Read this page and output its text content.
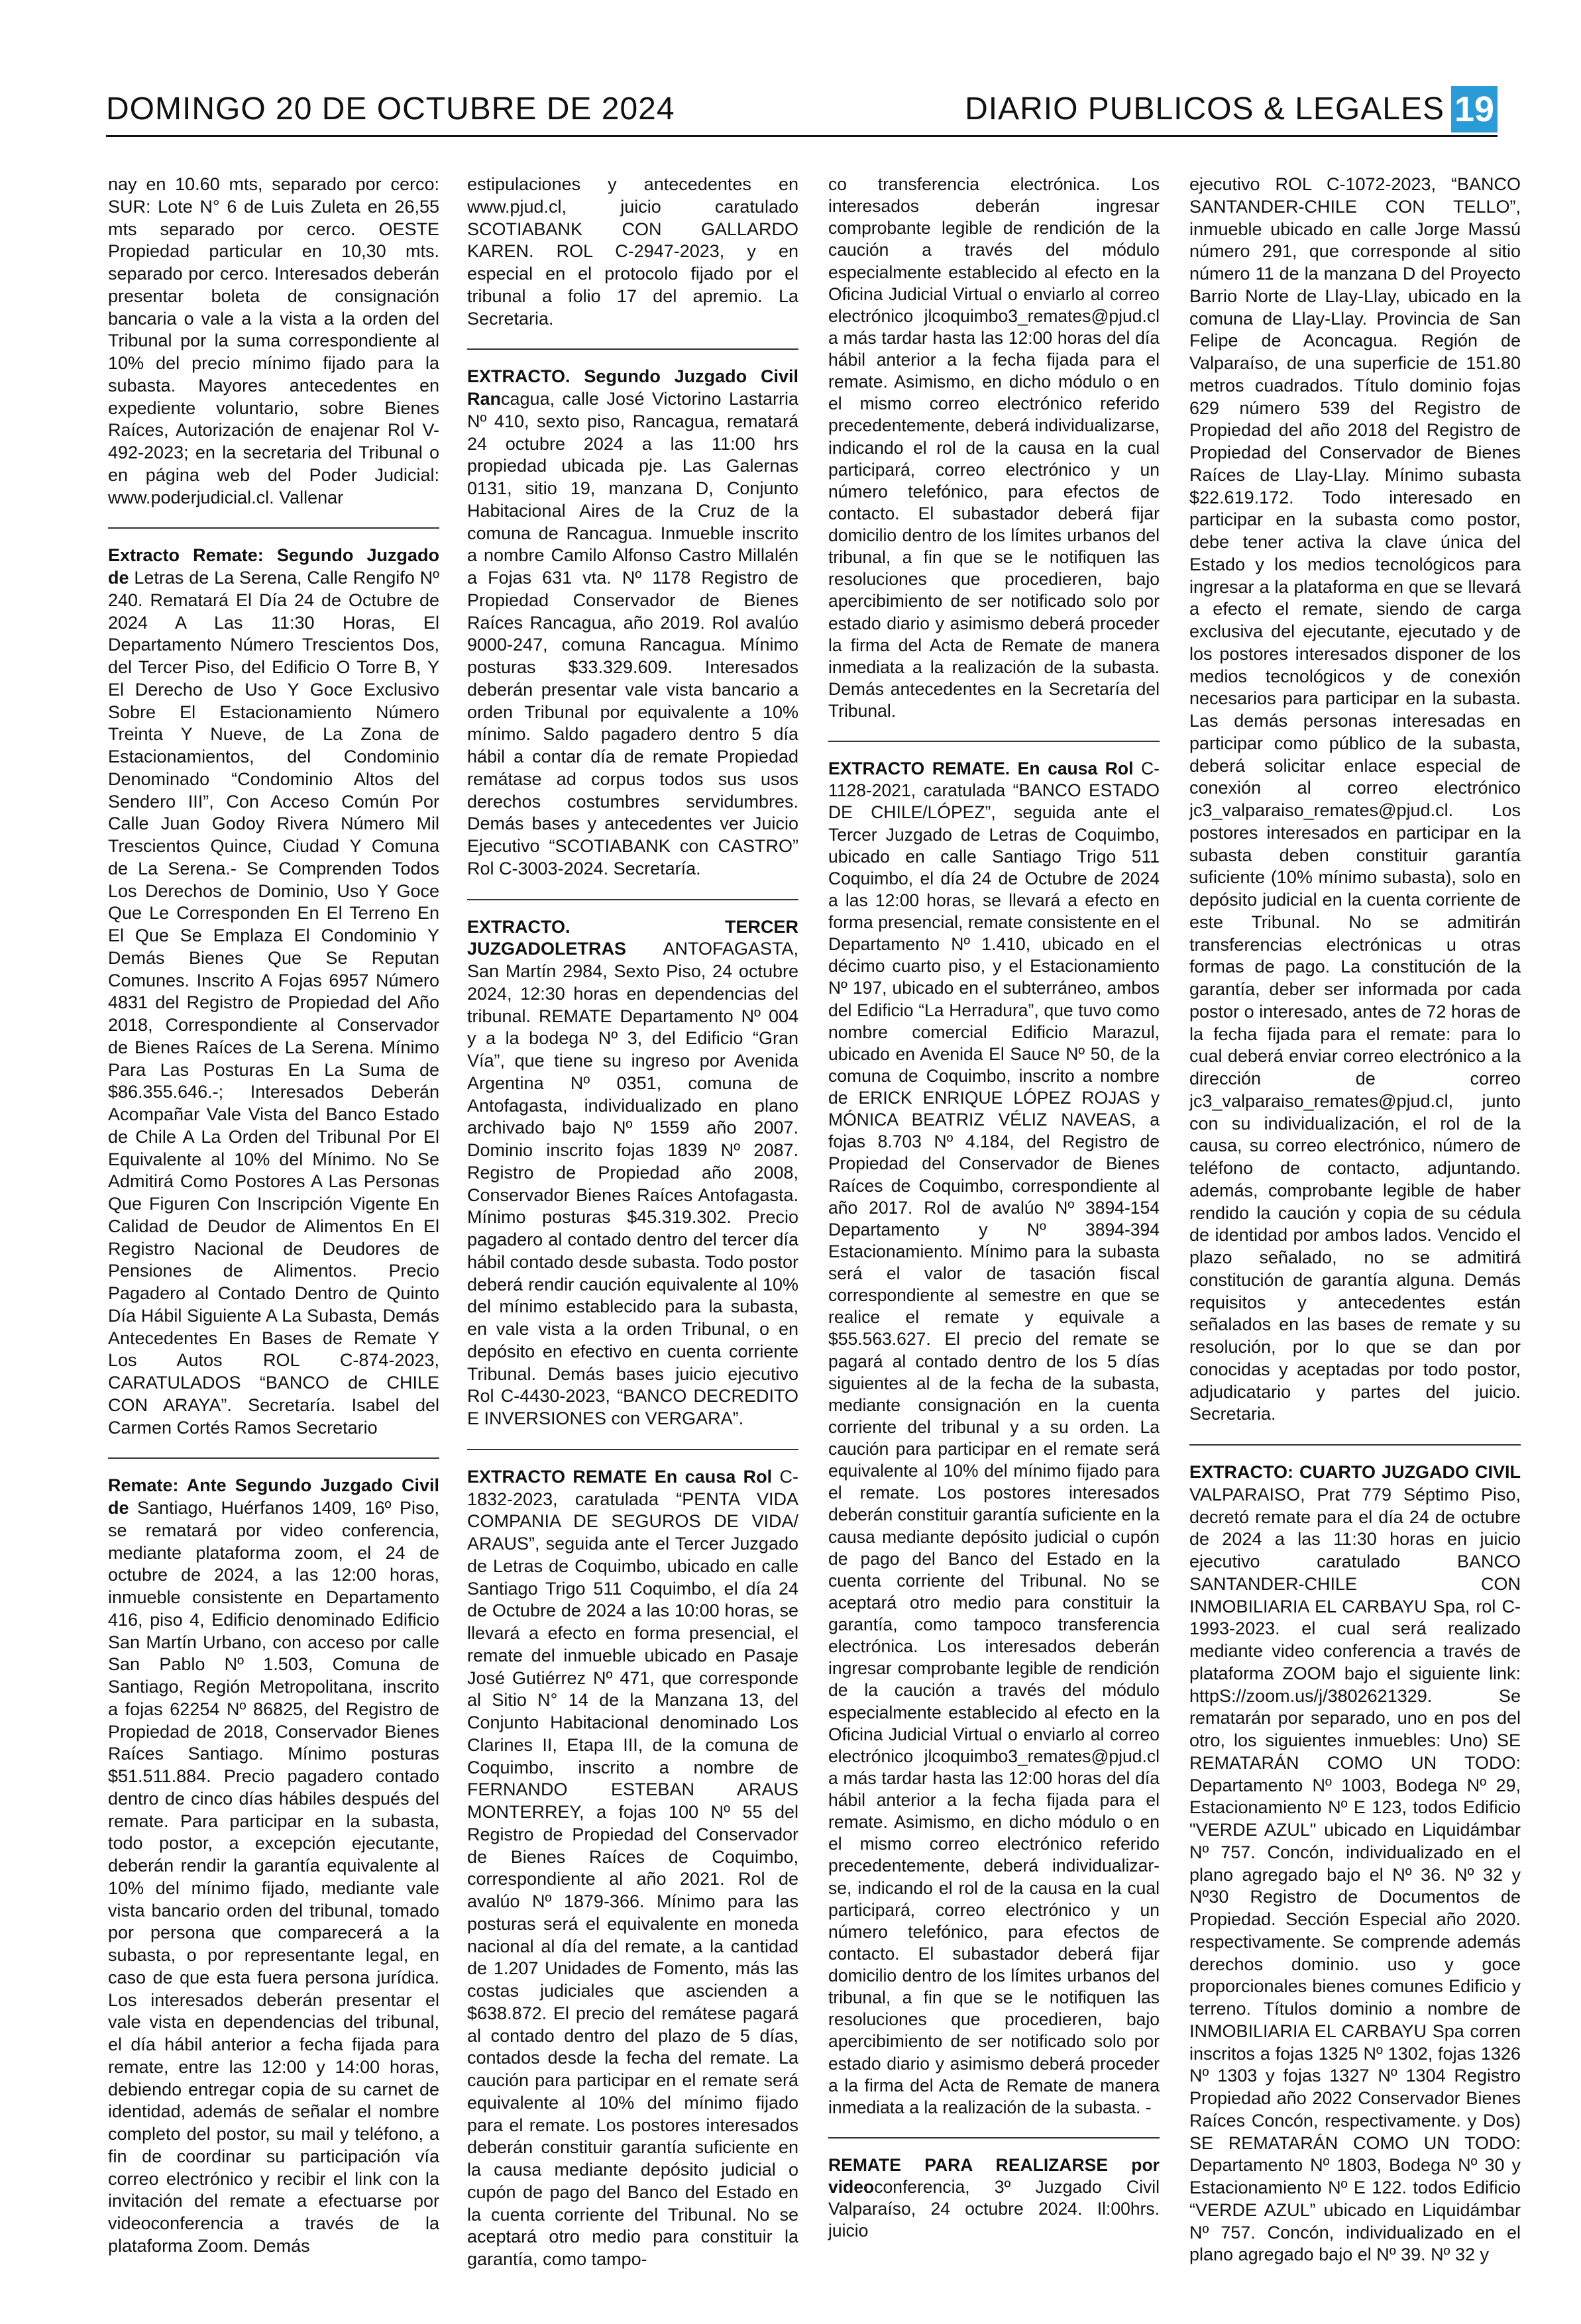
DOMINGO 20 DE OCTUBRE DE 2024	DIARIO PUBLICOS & LEGALES 19

nay en 10.60 mts, separado por cerco: SUR: Lote N° 6 de Luis Zuleta en 26,55 mts separado por cerco. OESTE Propiedad particular en 10,30 mts. separado por cerco. Interesados deberán presentar boleta de consignación bancaria o vale a la vista a la orden del Tribunal por la suma correspondiente al 10% del precio mínimo fijado para la subasta. Mayores antecedentes en expediente voluntario, sobre Bienes Raíces, Autorización de enajenar Rol V-492-2023; en la secretaria del Tribunal o en página web del Poder Judicial: www.poderjudicial.cl. Vallenar

Extracto Remate: Segundo Juzgado de Letras de La Serena, Calle Rengifo Nº 240. Rematará El Día 24 de Octubre de 2024 A Las 11:30 Horas, El Departamento Número Trescientos Dos, del Tercer Piso, del Edificio O Torre B, Y El Derecho de Uso Y Goce Exclusivo Sobre El Estacionamiento Número Treinta Y Nueve, de La Zona de Estacionamientos, del Condominio Denominado “Condominio Altos del Sendero III”, Con Acceso Común Por Calle Juan Godoy Rivera Número Mil Trescientos Quince, Ciudad Y Comuna de La Serena.- Se Comprenden Todos Los Derechos de Dominio, Uso Y Goce Que Le Corresponden En El Terreno En El Que Se Emplaza El Condominio Y Demás Bienes Que Se Reputan Comunes. Inscrito A Fojas 6957 Número 4831 del Registro de Propiedad del Año 2018, Correspondiente al Conservador de Bienes Raíces de La Serena. Mínimo Para Las Posturas En La Suma de $86.355.646.-; Interesados Deberán Acompañar Vale Vista del Banco Estado de Chile A La Orden del Tribunal Por El Equivalente al 10% del Mínimo. No Se Admitirá Como Postores A Las Personas Que Figuren Con Inscripción Vigente En Calidad de Deudor de Alimentos En El Registro Nacional de Deudores de Pensiones de Alimentos. Precio Pagadero al Contado Dentro de Quinto Día Hábil Siguiente A La Subasta, Demás Antecedentes En Bases de Remate Y Los Autos ROL C-874-2023, CARATULADOS “BANCO de CHILE CON ARAYA”. Secretaría. Isabel del Carmen Cortés Ramos Secretario

Remate: Ante Segundo Juzgado Civil de Santiago, Huérfanos 1409, 16º Piso, se rematará por video conferencia, mediante plataforma zoom, el 24 de octubre de 2024, a las 12:00 horas, inmueble consistente en Departamento 416, piso 4, Edificio denominado Edificio San Martín Urbano, con acceso por calle San Pablo Nº 1.503, Comuna de Santiago, Región Metropolitana, inscrito a fojas 62254 Nº 86825, del Registro de Propiedad de 2018, Conservador Bienes Raíces Santiago. Mínimo posturas $51.511.884. Precio pagadero contado dentro de cinco días hábiles después del remate. Para participar en la subasta, todo postor, a excepción ejecutante, deberán rendir la garantía equivalente al 10% del mínimo fijado, mediante vale vista bancario orden del tribunal, tomado por persona que comparecerá a la subasta, o por representante legal, en caso de que esta fuera persona jurídica. Los interesados deberán presentar el vale vista en dependencias del tribunal, el día hábil anterior a fecha fijada para remate, entre las 12:00 y 14:00 horas, debiendo entregar copia de su carnet de identidad, además de señalar el nombre completo del postor, su mail y teléfono, a fin de coordinar su participación vía correo electrónico y recibir el link con la invitación del remate a efectuarse por videoconferencia a través de la plataforma Zoom. Demás

estipulaciones y antecedentes en www.pjud.cl, juicio caratulado SCOTIABANK CON GALLARDO KAREN. ROL C-2947-2023, y en especial en el protocolo fijado por el tribunal a folio 17 del apremio. La Secretaria.

EXTRACTO. Segundo Juzgado Civil Rancagua, calle José Victorino Lastarria Nº 410, sexto piso, Rancagua, rematará 24 octubre 2024 a las 11:00 hrs propiedad ubicada pje. Las Galernas 0131, sitio 19, manzana D, Conjunto Habitacional Aires de la Cruz de la comuna de Rancagua. Inmueble inscrito a nombre Camilo Alfonso Castro Millalén a Fojas 631 vta. Nº 1178 Registro de Propiedad Conservador de Bienes Raíces Rancagua, año 2019. Rol avalúo 9000-247, comuna Rancagua. Mínimo posturas $33.329.609. Interesados deberán presentar vale vista bancario a orden Tribunal por equivalente a 10% mínimo. Saldo pagadero dentro 5 día hábil a contar día de remate Propiedad remátase ad corpus todos sus usos derechos costumbres servidumbres. Demás bases y antecedentes ver Juicio Ejecutivo “SCOTIABANK con CASTRO” Rol C-3003-2024. Secretaría.

EXTRACTO. TERCER JUZGADOLETRAS ANTOFAGASTA, San Martín 2984, Sexto Piso, 24 octubre 2024, 12:30 horas en dependencias del tribunal. REMATE Departamento Nº 004 y a la bodega Nº 3, del Edificio “Gran Vía”, que tiene su ingreso por Avenida Argentina Nº 0351, comuna de Antofagasta, individualizado en plano archivado bajo Nº 1559 año 2007. Dominio inscrito fojas 1839 Nº 2087. Registro de Propiedad año 2008, Conservador Bienes Raíces Antofagasta. Mínimo posturas $45.319.302. Precio pagadero al contado dentro del tercer día hábil contado desde subasta. Todo postor deberá rendir caución equivalente al 10% del mínimo establecido para la subasta, en vale vista a la orden Tribunal, o en depósito en efectivo en cuenta corriente Tribunal. Demás bases juicio ejecutivo Rol C-4430-2023, “BANCO DECREDITO E INVERSIONES con VERGARA”.

EXTRACTO REMATE En causa Rol C-1832-2023, caratulada “PENTA VIDA COMPANIA DE SEGUROS DE VIDA/ ARAUS”, seguida ante el Tercer Juzgado de Letras de Coquimbo, ubicado en calle Santiago Trigo 511 Coquimbo, el día 24 de Octubre de 2024 a las 10:00 horas, se llevará a efecto en forma presencial, el remate del inmueble ubicado en Pasaje José Gutiérrez Nº 471, que corresponde al Sitio N° 14 de la Manzana 13, del Conjunto Habitacional denominado Los Clarines II, Etapa III, de la comuna de Coquimbo, inscrito a nombre de FERNANDO ESTEBAN ARAUS MONTERREY, a fojas 100 Nº 55 del Registro de Propiedad del Conservador de Bienes Raíces de Coquimbo, correspondiente al año 2021. Rol de avalúo Nº 1879-366. Mínimo para las posturas será el equivalente en moneda nacional al día del remate, a la cantidad de 1.207 Unidades de Fomento, más las costas judiciales que ascienden a $638.872. El precio del remátese pagará al contado dentro del plazo de 5 días, contados desde la fecha del remate. La caución para participar en el remate será equivalente al 10% del mínimo fijado para el remate. Los postores interesados deberán constituir garantía suficiente en la causa mediante depósito judicial o cupón de pago del Banco del Estado en la cuenta corriente del Tribunal. No se aceptará otro medio para constituir la garantía, como tampo-

co transferencia electrónica. Los interesados deberán ingresar comprobante legible de rendición de la caución a través del módulo especialmente establecido al efecto en la Oficina Judicial Virtual o enviarlo al correo electrónico jlcoquimbo3_remates@pjud.cl a más tardar hasta las 12:00 horas del día hábil anterior a la fecha fijada para el remate. Asimismo, en dicho módulo o en el mismo correo electrónico referido precedentemente, deberá individualizarse, indicando el rol de la causa en la cual participará, correo electrónico y un número telefónico, para efectos de contacto. El subastador deberá fijar domicilio dentro de los límites urbanos del tribunal, a fin que se le notifiquen las resoluciones que procedieren, bajo apercibimiento de ser notificado solo por estado diario y asimismo deberá proceder la firma del Acta de Remate de manera inmediata a la realización de la subasta. Demás antecedentes en la Secretaría del Tribunal.

EXTRACTO REMATE. En causa Rol C-1128-2021, caratulada “BANCO ESTADO DE CHILE/LÓPEZ”, seguida ante el Tercer Juzgado de Letras de Coquimbo, ubicado en calle Santiago Trigo 511 Coquimbo, el día 24 de Octubre de 2024 a las 12:00 horas, se llevará a efecto en forma presencial, remate consistente en el Departamento Nº 1.410, ubicado en el décimo cuarto piso, y el Estacionamiento Nº 197, ubicado en el subterráneo, ambos del Edificio “La Herradura”, que tuvo como nombre comercial Edificio Marazul, ubicado en Avenida El Sauce Nº 50, de la comuna de Coquimbo, inscrito a nombre de ERICK ENRIQUE LÓPEZ ROJAS y MÓNICA BEATRIZ VÉLIZ NAVEAS, a fojas 8.703 Nº 4.184, del Registro de Propiedad del Conservador de Bienes Raíces de Coquimbo, correspondiente al año 2017. Rol de avalúo Nº 3894-154 Departamento y Nº 3894-394 Estacionamiento. Mínimo para la subasta será el valor de tasación fiscal correspondiente al semestre en que se realice el remate y equivale a $55.563.627. El precio del remate se pagará al contado dentro de los 5 días siguientes al de la fecha de la subasta, mediante consignación en la cuenta corriente del tribunal y a su orden. La caución para participar en el remate será equivalente al 10% del mínimo fijado para el remate. Los postores interesados deberán constituir garantía suficiente en la causa mediante depósito judicial o cupón de pago del Banco del Estado en la cuenta corriente del Tribunal. No se aceptará otro medio para constituir la garantía, como tampoco transferencia electrónica. Los interesados deberán ingresar comprobante legible de rendición de la caución a través del módulo especialmente establecido al efecto en la Oficina Judicial Virtual o enviarlo al correo electrónico jlcoquimbo3_remates@pjud.cl a más tardar hasta las 12:00 horas del día hábil anterior a la fecha fijada para el remate. Asimismo, en dicho módulo o en el mismo correo electrónico referido precedentemente, deberá individualizar-se, indicando el rol de la causa en la cual participará, correo electrónico y un número telefónico, para efectos de contacto. El subastador deberá fijar domicilio dentro de los límites urbanos del tribunal, a fin que se le notifiquen las resoluciones que procedieren, bajo apercibimiento de ser notificado solo por estado diario y asimismo deberá proceder a la firma del Acta de Remate de manera inmediata a la realización de la subasta. -

REMATE PARA REALIZARSE por videoconferencia, 3º Juzgado Civil Valparaíso, 24 octubre 2024. Il:00hrs. juicio

ejecutivo ROL C-1072-2023, “BANCO SANTANDER-CHILE CON TELLO”, inmueble ubicado en calle Jorge Massú número 291, que corresponde al sitio número 11 de la manzana D del Proyecto Barrio Norte de Llay-Llay, ubicado en la comuna de Llay-Llay. Provincia de San Felipe de Aconcagua. Región de Valparaíso, de una superficie de 151.80 metros cuadrados. Título dominio fojas 629 número 539 del Registro de Propiedad del año 2018 del Registro de Propiedad del Conservador de Bienes Raíces de Llay-Llay. Mínimo subasta $22.619.172. Todo interesado en participar en la subasta como postor, debe tener activa la clave única del Estado y los medios tecnológicos para ingresar a la plataforma en que se llevará a efecto el remate, siendo de carga exclusiva del ejecutante, ejecutado y de los postores interesados disponer de los medios tecnológicos y de conexión necesarios para participar en la subasta. Las demás personas interesadas en participar como público de la subasta, deberá solicitar enlace especial de conexión al correo electrónico jc3_valparaiso_remates@pjud.cl. Los postores interesados en participar en la subasta deben constituir garantía suficiente (10% mínimo subasta), solo en depósito judicial en la cuenta corriente de este Tribunal. No se admitirán transferencias electrónicas u otras formas de pago. La constitución de la garantía, deber ser informada por cada postor o interesado, antes de 72 horas de la fecha fijada para el remate: para lo cual deberá enviar correo electrónico a la dirección de correo jc3_valparaiso_remates@pjud.cl, junto con su individualización, el rol de la causa, su correo electrónico, número de teléfono de contacto, adjuntando. además, comprobante legible de haber rendido la caución y copia de su cédula de identidad por ambos lados. Vencido el plazo señalado, no se admitirá constitución de garantía alguna. Demás requisitos y antecedentes están señalados en las bases de remate y su resolución, por lo que se dan por conocidas y aceptadas por todo postor, adjudicatario y partes del juicio. Secretaria.

EXTRACTO: CUARTO JUZGADO CIVIL VALPARAISO, Prat 779 Séptimo Piso, decretó remate para el día 24 de octubre de 2024 a las 11:30 horas en juicio ejecutivo caratulado BANCO SANTANDER-CHILE CON INMOBILIARIA EL CARBAYU Spa, rol C-1993-2023. el cual será realizado mediante video conferencia a través de plataforma ZOOM bajo el siguiente link: httpS://zoom.us/j/3802621329. Se rematarán por separado, uno en pos del otro, los siguientes inmuebles: Uno) SE REMATARÁN COMO UN TODO: Departamento Nº 1003, Bodega Nº 29, Estacionamiento Nº E 123, todos Edificio "VERDE AZUL" ubicado en Liquidámbar Nº 757. Concón, individualizado en el plano agregado bajo el Nº 36. Nº 32 y Nº30 Registro de Documentos de Propiedad. Sección Especial año 2020. respectivamente. Se comprende además derechos dominio. uso y goce proporcionales bienes comunes Edificio y terreno. Títulos dominio a nombre de INMOBILIARIA EL CARBAYU Spa corren inscritos a fojas 1325 Nº 1302, fojas 1326 Nº 1303 y fojas 1327 Nº 1304 Registro Propiedad año 2022 Conservador Bienes Raíces Concón, respectivamente. y Dos) SE REMATARÁN COMO UN TODO: Departamento Nº 1803, Bodega Nº 30 y Estacionamiento Nº E 122. todos Edificio “VERDE AZUL” ubicado en Liquidámbar Nº 757. Concón, individualizado en el plano agregado bajo el Nº 39. Nº 32 y
